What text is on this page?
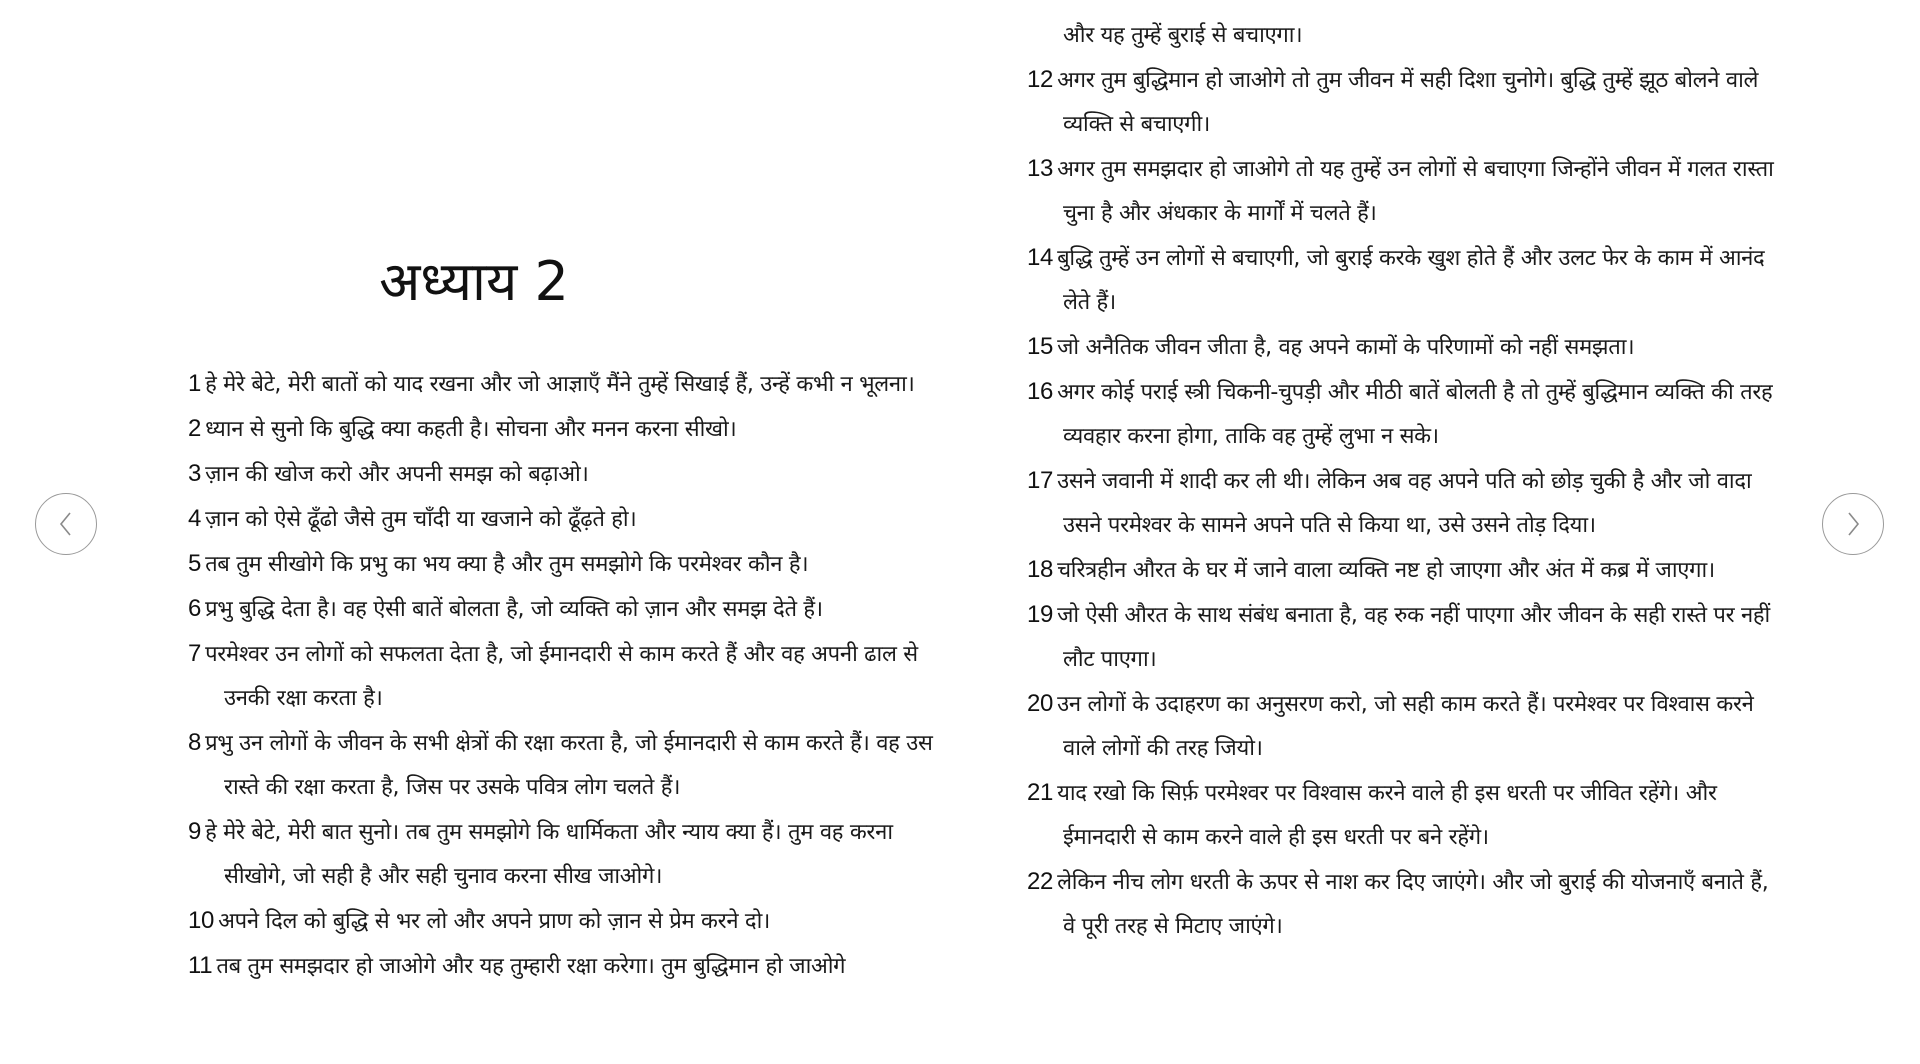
अध्याय 2

1 हे मेरे बेटे, मेरी बातों को याद रखना और जो आज्ञाएँ मैंने तुम्हें सिखाई हैं, उन्हें कभी न भूलना।

2 ध्यान से सुनो कि बुद्धि क्या कहती है। सोचना और मनन करना सीखो।

3 ज़ान की खोज करो और अपनी समझ को बढ़ाओ।

4 ज़ान को ऐसे ढूँढो जैसे तुम चाँदी या खजाने को ढूँढ़ते हो।

5 तब तुम सीखोगे कि प्रभु का भय क्या है और तुम समझोगे कि परमेश्वर कौन है।

6 प्रभु बुद्धि देता है। वह ऐसी बातें बोलता है, जो व्यक्ति को ज़ान और समझ देते हैं।

7 परमेश्वर उन लोगों को सफलता देता है, जो ईमानदारी से काम करते हैं और वह अपनी ढाल से उनकी रक्षा करता है।

8 प्रभु उन लोगों के जीवन के सभी क्षेत्रों की रक्षा करता है, जो ईमानदारी से काम करते हैं। वह उस रास्ते की रक्षा करता है, जिस पर उसके पवित्र लोग चलते हैं।

9 हे मेरे बेटे, मेरी बात सुनो। तब तुम समझोगे कि धार्मिकता और न्याय क्या हैं। तुम वह करना सीखोगे, जो सही है और सही चुनाव करना सीख जाओगे।

10 अपने दिल को बुद्धि से भर लो और अपने प्राण को ज़ान से प्रेम करने दो।

11 तब तुम समझदार हो जाओगे और यह तुम्हारी रक्षा करेगा। तुम बुद्धिमान हो जाओगे

और यह तुम्हें बुराई से बचाएगा।

12 अगर तुम बुद्धिमान हो जाओगे तो तुम जीवन में सही दिशा चुनोगे। बुद्धि तुम्हें झूठ बोलने वाले व्यक्ति से बचाएगी।

13 अगर तुम समझदार हो जाओगे तो यह तुम्हें उन लोगों से बचाएगा जिन्होंने जीवन में गलत रास्ता चुना है और अंधकार के मार्गों में चलते हैं।

14 बुद्धि तुम्हें उन लोगों से बचाएगी, जो बुराई करके खुश होते हैं और उलट फेर के काम में आनंद लेते हैं।

15 जो अनैतिक जीवन जीता है, वह अपने कामों के परिणामों को नहीं समझता।

16 अगर कोई पराई स्त्री चिकनी-चुपड़ी और मीठी बातें बोलती है तो तुम्हें बुद्धिमान व्यक्ति की तरह व्यवहार करना होगा, ताकि वह तुम्हें लुभा न सके।

17 उसने जवानी में शादी कर ली थी। लेकिन अब वह अपने पति को छोड़ चुकी है और जो वादा उसने परमेश्वर के सामने अपने पति से किया था, उसे उसने तोड़ दिया।

18 चरित्रहीन औरत के घर में जाने वाला व्यक्ति नष्ट हो जाएगा और अंत में कब्र में जाएगा।

19 जो ऐसी औरत के साथ संबंध बनाता है, वह रुक नहीं पाएगा और जीवन के सही रास्ते पर नहीं लौट पाएगा।

20 उन लोगों के उदाहरण का अनुसरण करो, जो सही काम करते हैं। परमेश्वर पर विश्वास करने वाले लोगों की तरह जियो।

21 याद रखो कि सिर्फ़ परमेश्वर पर विश्वास करने वाले ही इस धरती पर जीवित रहेंगे। और ईमानदारी से काम करने वाले ही इस धरती पर बने रहेंगे।

22 लेकिन नीच लोग धरती के ऊपर से नाश कर दिए जाएंगे। और जो बुराई की योजनाएँ बनाते हैं, वे पूरी तरह से मिटाए जाएंगे।
